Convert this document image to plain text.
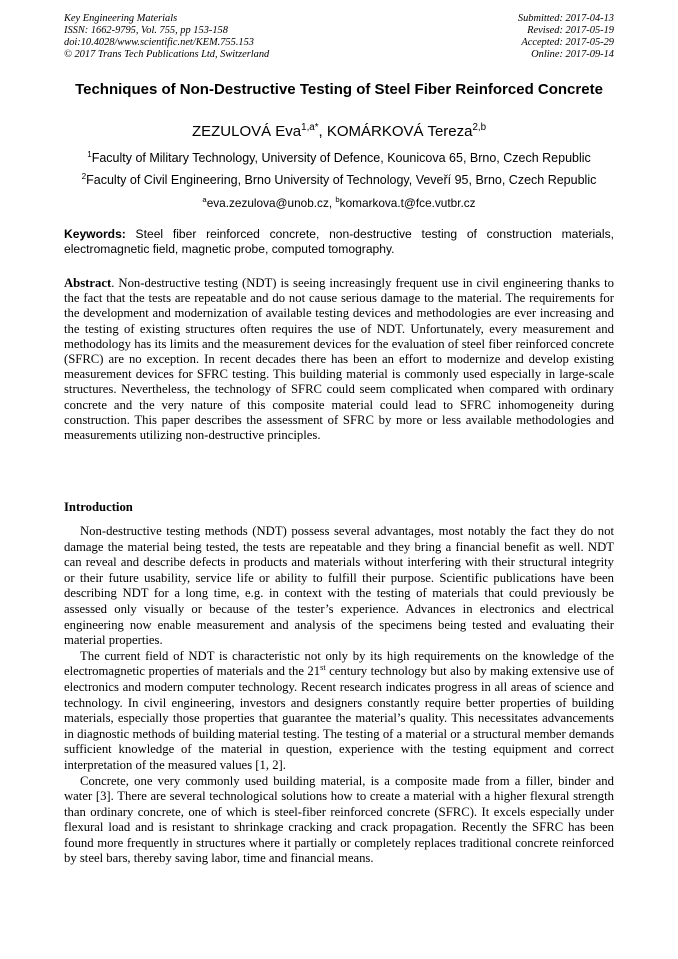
Key Engineering Materials
ISSN: 1662-9795, Vol. 755, pp 153-158
doi:10.4028/www.scientific.net/KEM.755.153
© 2017 Trans Tech Publications Ltd, Switzerland
Submitted: 2017-04-13
Revised: 2017-05-19
Accepted: 2017-05-29
Online: 2017-09-14
Techniques of Non-Destructive Testing of Steel Fiber Reinforced Concrete
ZEZULOVÁ Eva$^{1,a*}$, KOMÁRKOVÁ Tereza$^{2,b}$
$^1$Faculty of Military Technology, University of Defence, Kounicova 65, Brno, Czech Republic
$^2$Faculty of Civil Engineering, Brno University of Technology, Veveří 95, Brno, Czech Republic
$^a$eva.zezulova@unob.cz, $^b$komarkova.t@fce.vutbr.cz
Keywords: Steel fiber reinforced concrete, non-destructive testing of construction materials, electromagnetic field, magnetic probe, computed tomography.
Abstract. Non-destructive testing (NDT) is seeing increasingly frequent use in civil engineering thanks to the fact that the tests are repeatable and do not cause serious damage to the material. The requirements for the development and modernization of available testing devices and methodologies are ever increasing and the testing of existing structures often requires the use of NDT. Unfortunately, every measurement and methodology has its limits and the measurement devices for the evaluation of steel fiber reinforced concrete (SFRC) are no exception. In recent decades there has been an effort to modernize and develop existing measurement devices for SFRC testing. This building material is commonly used especially in large-scale structures. Nevertheless, the technology of SFRC could seem complicated when compared with ordinary concrete and the very nature of this composite material could lead to SFRC inhomogeneity during construction. This paper describes the assessment of SFRC by more or less available methodologies and measurements utilizing non-destructive principles.
Introduction

Non-destructive testing methods (NDT) possess several advantages, most notably the fact they do not damage the material being tested, the tests are repeatable and they bring a financial benefit as well. NDT can reveal and describe defects in products and materials without interfering with their structural integrity or their future usability, service life or ability to fulfill their purpose. Scientific publications have been describing NDT for a long time, e.g. in context with the testing of materials that could previously be assessed only visually or because of the tester’s experience. Advances in electronics and electrical engineering now enable measurement and analysis of the specimens being tested and evaluating their material properties.

The current field of NDT is characteristic not only by its high requirements on the knowledge of the electromagnetic properties of materials and the 21st century technology but also by making extensive use of electronics and modern computer technology. Recent research indicates progress in all areas of science and technology. In civil engineering, investors and designers constantly require better properties of building materials, especially those properties that guarantee the material’s quality. This necessitates advancements in diagnostic methods of building material testing. The testing of a material or a structural member demands sufficient knowledge of the material in question, experience with the testing equipment and correct interpretation of the measured values [1, 2].

Concrete, one very commonly used building material, is a composite made from a filler, binder and water [3]. There are several technological solutions how to create a material with a higher flexural strength than ordinary concrete, one of which is steel-fiber reinforced concrete (SFRC). It excels especially under flexural load and is resistant to shrinkage cracking and crack propagation. Recently the SFRC has been found more frequently in structures where it partially or completely replaces traditional concrete reinforced by steel bars, thereby saving labor, time and financial means.
